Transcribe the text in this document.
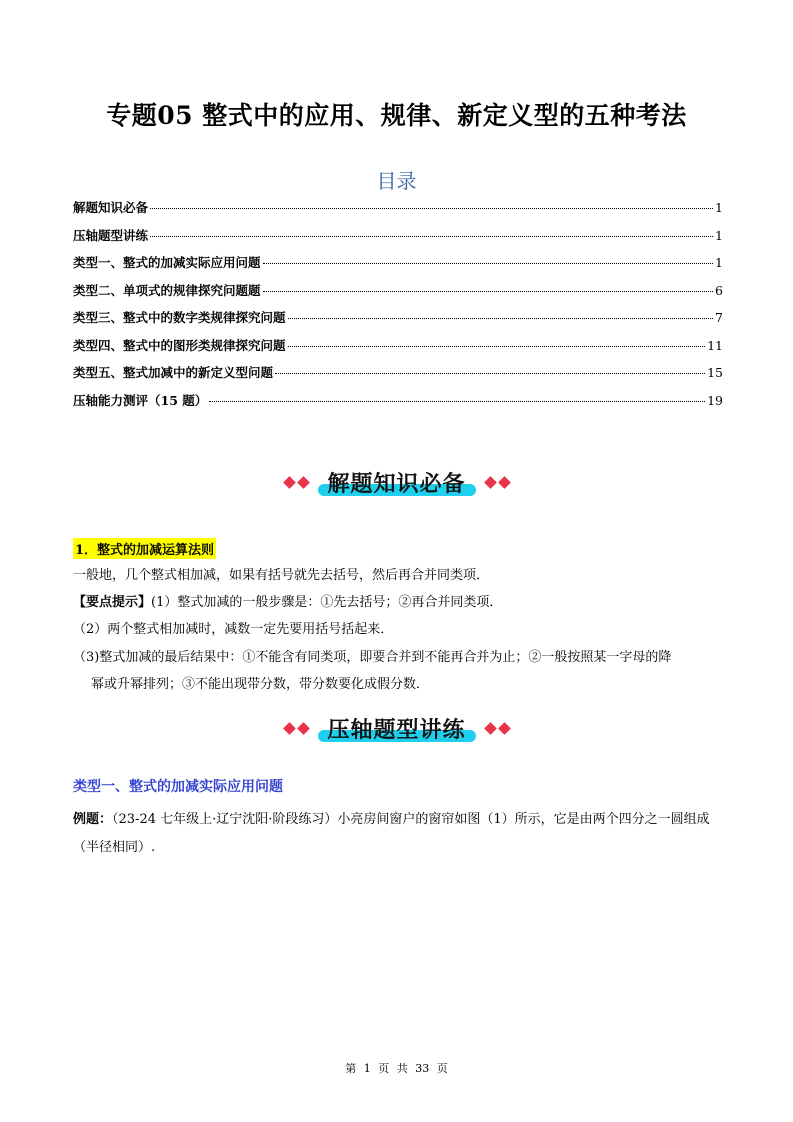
专题05 整式中的应用、规律、新定义型的五种考法
目录
解题知识必备	1
压轴题型讲练	1
类型一、整式的加减实际应用问题	1
类型二、单项式的规律探究问题题	6
类型三、整式中的数字类规律探究问题	7
类型四、整式中的图形类规律探究问题	11
类型五、整式加减中的新定义型问题	15
压轴能力测评（15 题）	19
解题知识必备
1．整式的加减运算法则
一般地，几个整式相加减，如果有括号就先去括号，然后再合并同类项．
【要点提示】(1）整式加减的一般步骤是：①先去括号；②再合并同类项．
（2）两个整式相加减时，减数一定先要用括号括起来．
（3)整式加减的最后结果中：①不能含有同类项，即要合并到不能再合并为止；②一般按照某一字母的降
幂或升幂排列；③不能出现带分数，带分数要化成假分数．
压轴题型讲练
类型一、整式的加减实际应用问题
例题：（23-24 七年级上·辽宁沈阳·阶段练习）小亮房间窗户的窗帘如图（1）所示，它是由两个四分之一圆组成（半径相同）.
第 1 页 共 33 页
